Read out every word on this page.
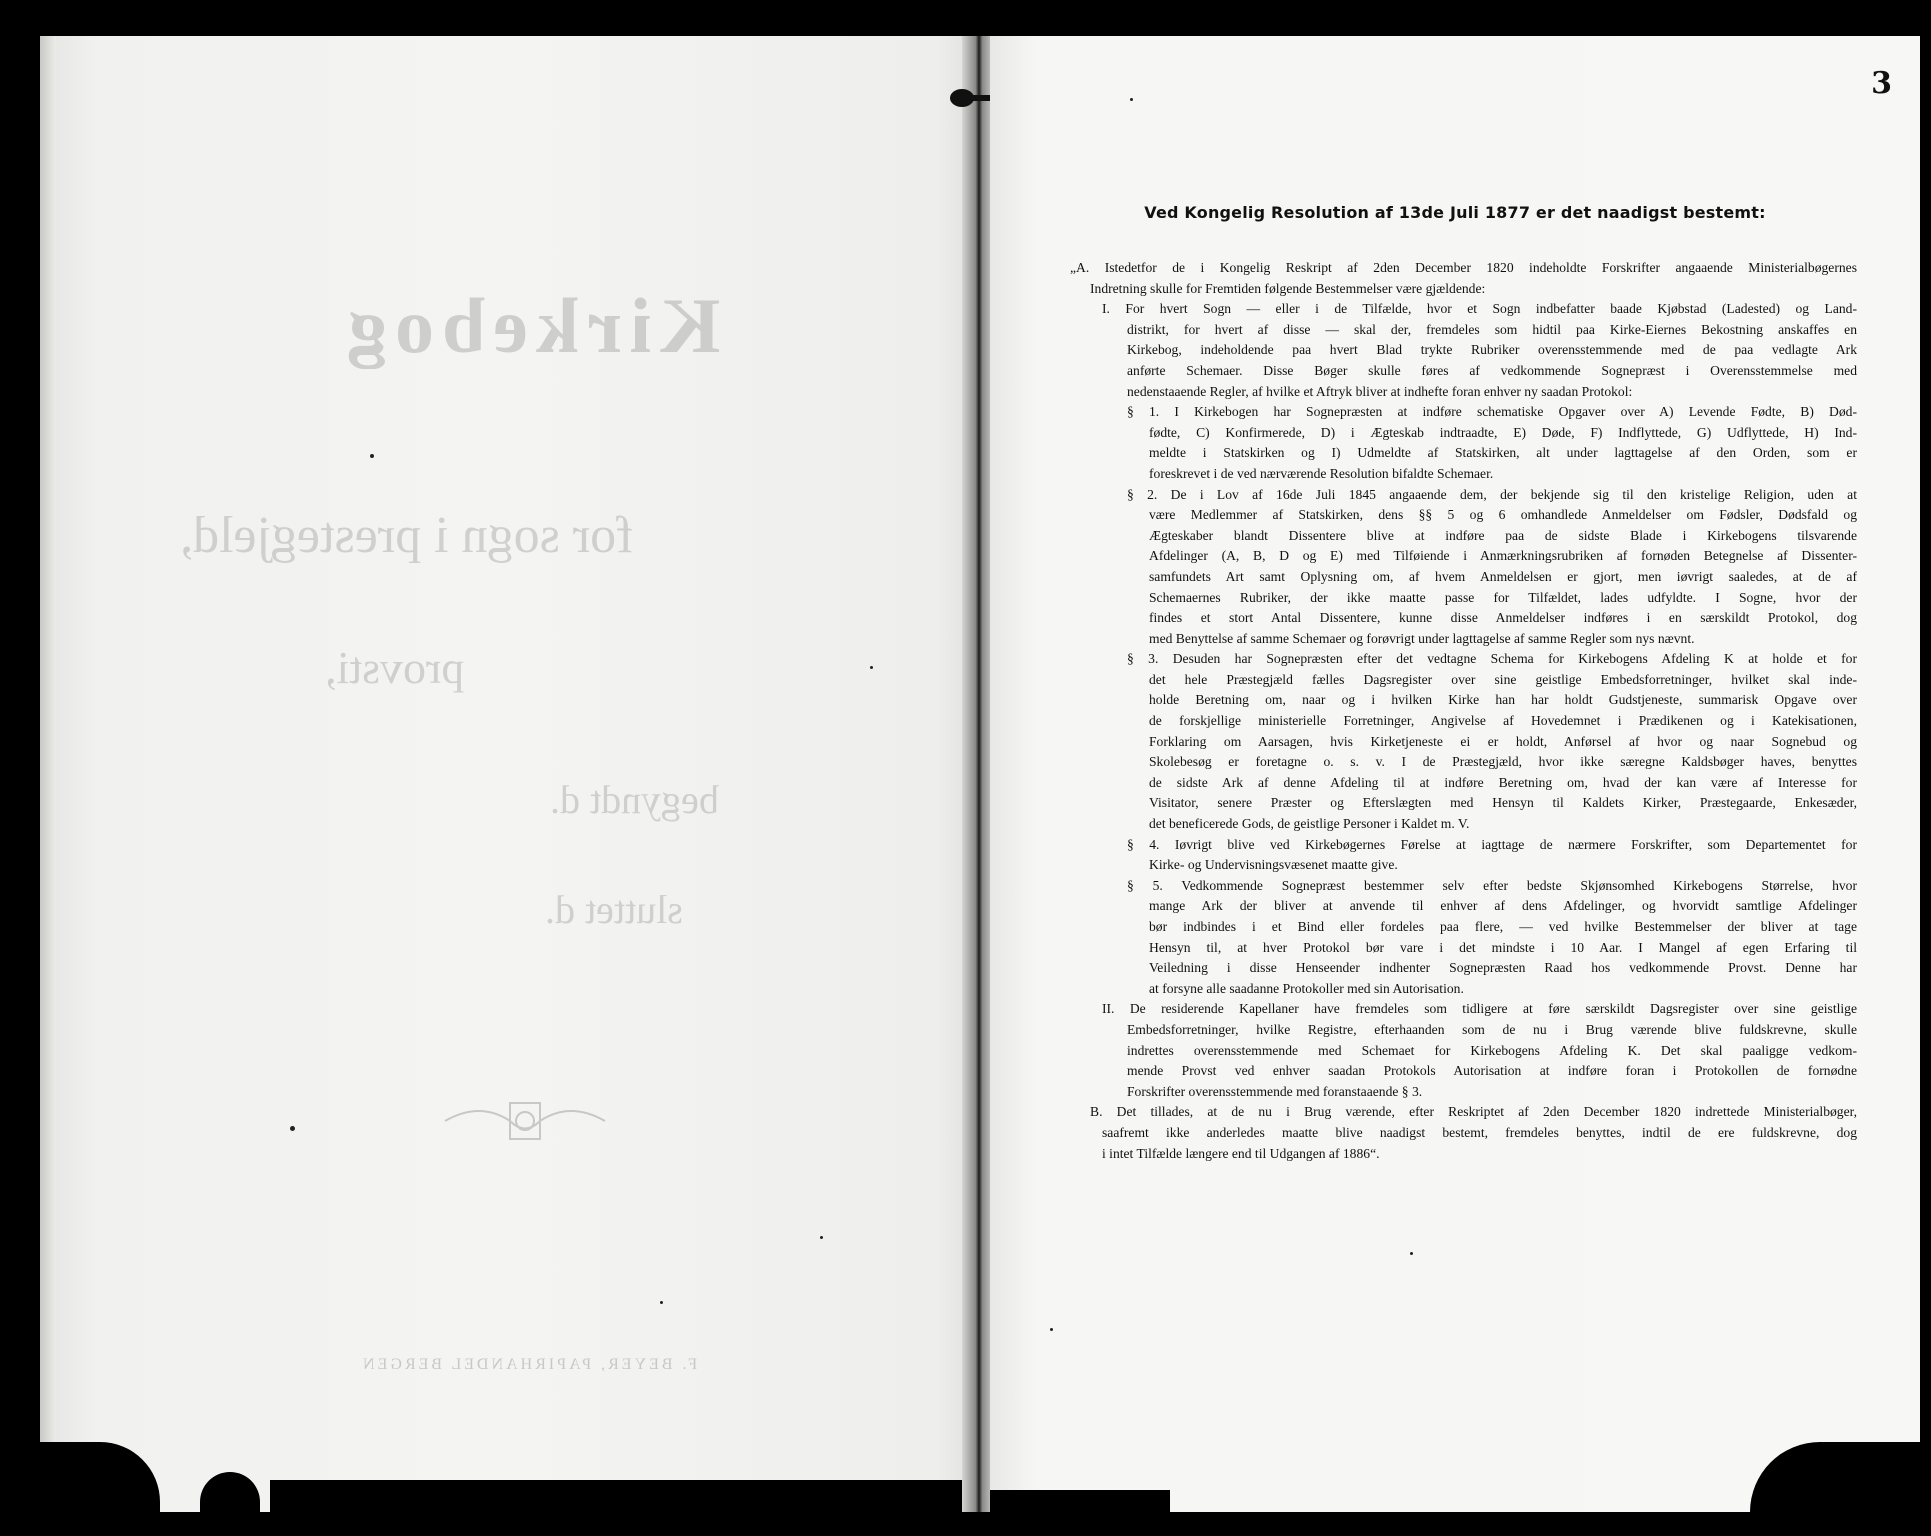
Kirkebog
for sogn i prestegjeld,
provsti,
begyndt d.
sluttet d.
F. BEYER, PAPIRHANDEL BERGEN
3
Ved Kongelig Resolution af 13de Juli 1877 er det naadigst bestemt:
„A. Istedetfor de i Kongelig Reskript af 2den December 1820 indeholdte Forskrifter angaaende Ministerialbøgernes
Indretning skulle for Fremtiden følgende Bestemmelser være gjældende:
I. For hvert Sogn — eller i de Tilfælde, hvor et Sogn indbefatter baade Kjøbstad (Ladested) og Land-
distrikt, for hvert af disse — skal der, fremdeles som hidtil paa Kirke-Eiernes Bekostning anskaffes en
Kirkebog, indeholdende paa hvert Blad trykte Rubriker overensstemmende med de paa vedlagte Ark
anførte Schemaer. Disse Bøger skulle føres af vedkommende Sognepræst i Overensstemmelse med
nedenstaaende Regler, af hvilke et Aftryk bliver at indhefte foran enhver ny saadan Protokol:
§ 1. I Kirkebogen har Sognepræsten at indføre schematiske Opgaver over A) Levende Fødte, B) Død-
fødte, C) Konfirmerede, D) i Ægteskab indtraadte, E) Døde, F) Indflyttede, G) Udflyttede, H) Ind-
meldte i Statskirken og I) Udmeldte af Statskirken, alt under lagttagelse af den Orden, som er
foreskrevet i de ved nærværende Resolution bifaldte Schemaer.
§ 2. De i Lov af 16de Juli 1845 angaaende dem, der bekjende sig til den kristelige Religion, uden at
være Medlemmer af Statskirken, dens §§ 5 og 6 omhandlede Anmeldelser om Fødsler, Dødsfald og
Ægteskaber blandt Dissentere blive at indføre paa de sidste Blade i Kirkebogens tilsvarende
Afdelinger (A, B, D og E) med Tilføiende i Anmærkningsrubriken af fornøden Betegnelse af Dissenter-
samfundets Art samt Oplysning om, af hvem Anmeldelsen er gjort, men iøvrigt saaledes, at de af
Schemaernes Rubriker, der ikke maatte passe for Tilfældet, lades udfyldte. I Sogne, hvor der
findes et stort Antal Dissentere, kunne disse Anmeldelser indføres i en særskildt Protokol, dog
med Benyttelse af samme Schemaer og forøvrigt under lagttagelse af samme Regler som nys nævnt.
§ 3. Desuden har Sognepræsten efter det vedtagne Schema for Kirkebogens Afdeling K at holde et for
det hele Præstegjæld fælles Dagsregister over sine geistlige Embedsforretninger, hvilket skal inde-
holde Beretning om, naar og i hvilken Kirke han har holdt Gudstjeneste, summarisk Opgave over
de forskjellige ministerielle Forretninger, Angivelse af Hovedemnet i Prædikenen og i Katekisationen,
Forklaring om Aarsagen, hvis Kirketjeneste ei er holdt, Anførsel af hvor og naar Sognebud og
Skolebesøg er foretagne o. s. v. I de Præstegjæld, hvor ikke særegne Kaldsbøger haves, benyttes
de sidste Ark af denne Afdeling til at indføre Beretning om, hvad der kan være af Interesse for
Visitator, senere Præster og Efterslægten med Hensyn til Kaldets Kirker, Præstegaarde, Enkesæder,
det beneficerede Gods, de geistlige Personer i Kaldet m. V.
§ 4. Iøvrigt blive ved Kirkebøgernes Førelse at iagttage de nærmere Forskrifter, som Departementet for
Kirke- og Undervisningsvæsenet maatte give.
§ 5. Vedkommende Sognepræst bestemmer selv efter bedste Skjønsomhed Kirkebogens Størrelse, hvor
mange Ark der bliver at anvende til enhver af dens Afdelinger, og hvorvidt samtlige Afdelinger
bør indbindes i et Bind eller fordeles paa flere, — ved hvilke Bestemmelser der bliver at tage
Hensyn til, at hver Protokol bør vare i det mindste i 10 Aar. I Mangel af egen Erfaring til
Veiledning i disse Henseender indhenter Sognepræsten Raad hos vedkommende Provst. Denne har
at forsyne alle saadanne Protokoller med sin Autorisation.
II. De residerende Kapellaner have fremdeles som tidligere at føre særskildt Dagsregister over sine geistlige
Embedsforretninger, hvilke Registre, efterhaanden som de nu i Brug værende blive fuldskrevne, skulle
indrettes overensstemmende med Schemaet for Kirkebogens Afdeling K. Det skal paaligge vedkom-
mende Provst ved enhver saadan Protokols Autorisation at indføre foran i Protokollen de fornødne
Forskrifter overensstemmende med foranstaaende § 3.
B. Det tillades, at de nu i Brug værende, efter Reskriptet af 2den December 1820 indrettede Ministerialbøger,
saafremt ikke anderledes maatte blive naadigst bestemt, fremdeles benyttes, indtil de ere fuldskrevne, dog
i intet Tilfælde længere end til Udgangen af 1886“.
